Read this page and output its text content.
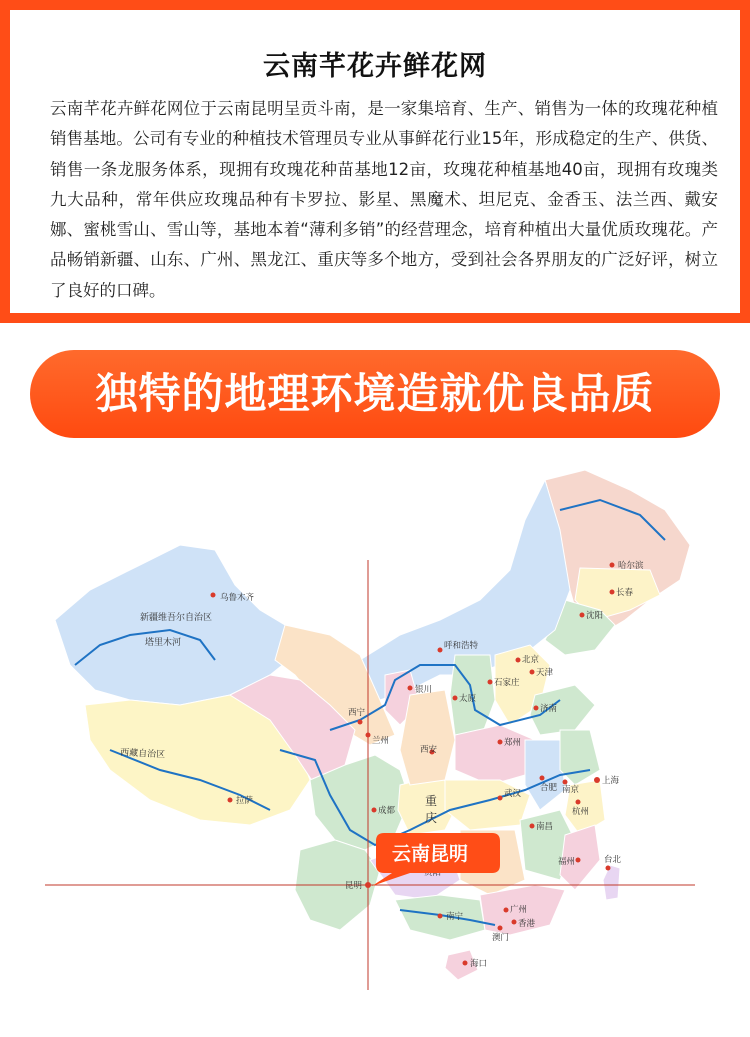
云南芊花卉鲜花网
云南芊花卉鲜花网位于云南昆明呈贡斗南，是一家集培育、生产、销售为一体的玫瑰花种植销售基地。公司有专业的种植技术管理员专业从事鲜花行业15年，形成稳定的生产、供货、销售一条龙服务体系，现拥有玫瑰花种苗基地12亩，玫瑰花种植基地40亩，现拥有玫瑰类九大品种，常年供应玫瑰品种有卡罗拉、影星、黑魔术、坦尼克、金香玉、法兰西、戴安娜、蜜桃雪山、雪山等，基地本着“薄利多销”的经营理念，培育种植出大量优质玫瑰花。产品畅销新疆、山东、广州、黑龙江、重庆等多个地方，受到社会各界朋友的广泛好评，树立了良好的口碑。
独特的地理环境造就优良品质
新疆维吾尔自治区
塔里木河
西藏自治区
重
庆
哈尔滨
长春
沈阳
乌鲁木齐
呼和浩特
北京
天津
银川
太原
石家庄
济南
西宁
兰州	郑州
西安
拉萨
成都
武汉
合肥 南京
上海
杭州
南昌
福州	台北
昆明
南宁
广州
香港
澳门
海口
云南昆明
